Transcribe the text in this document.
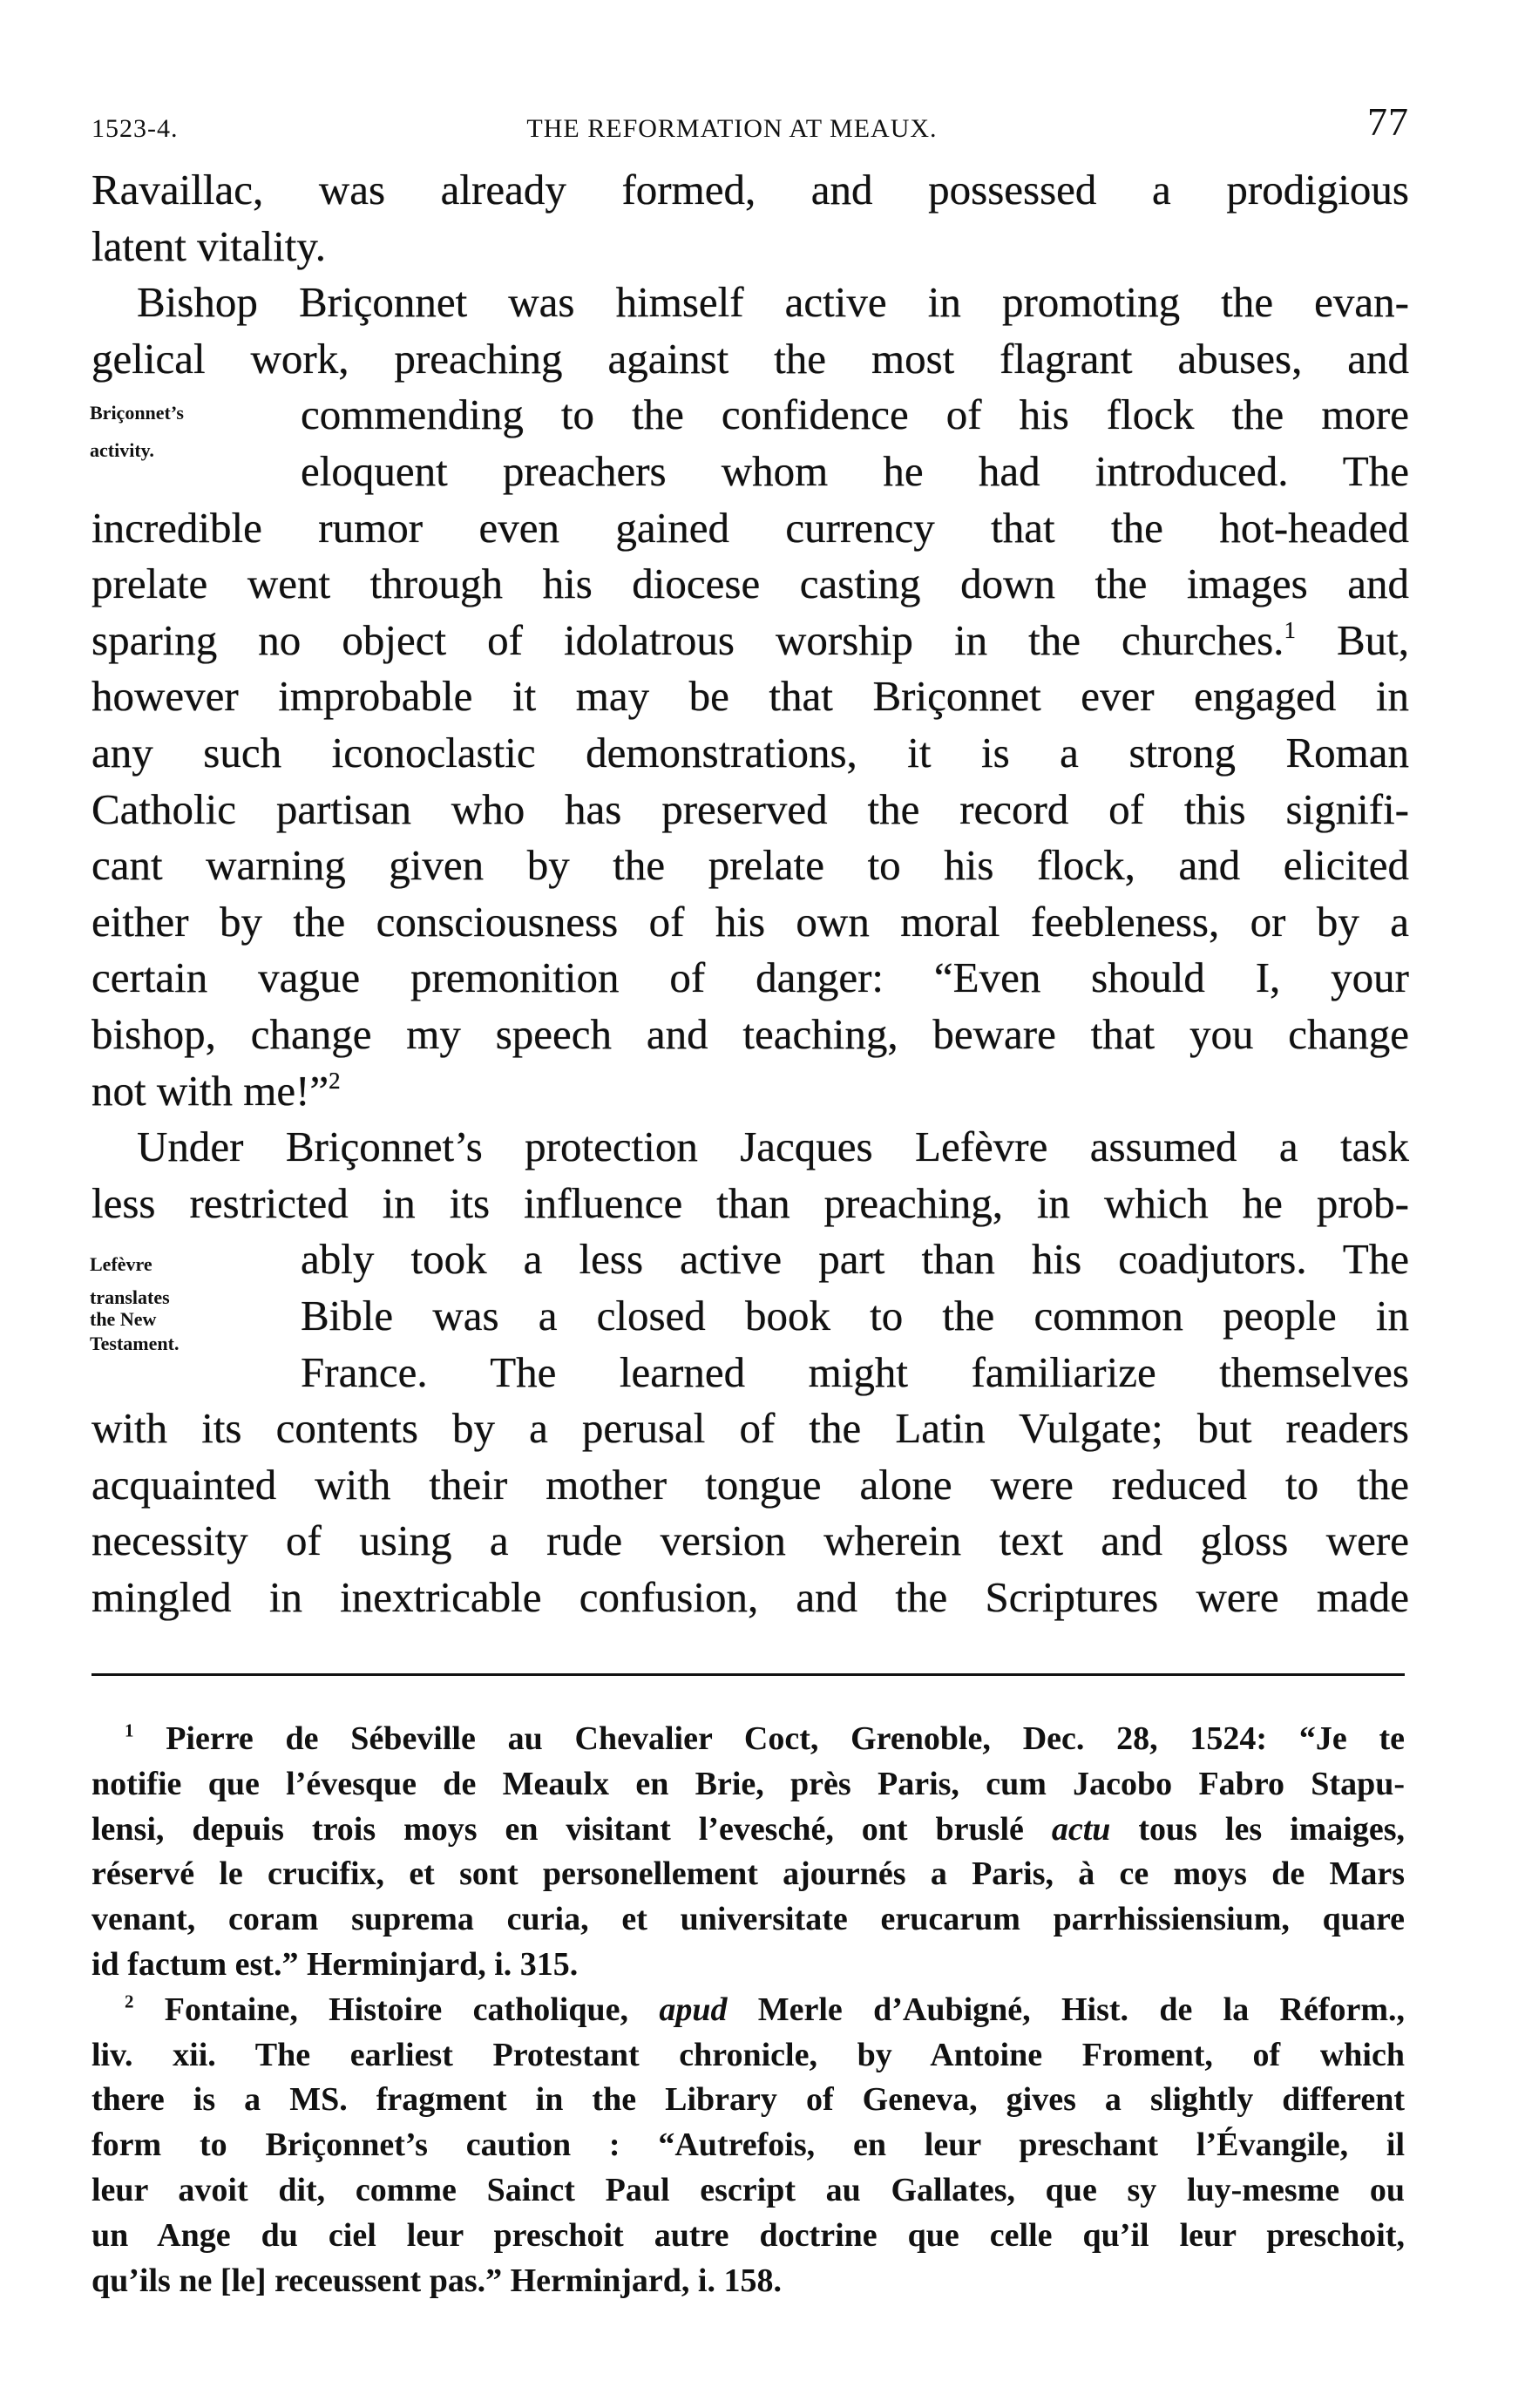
1523-4.	THE REFORMATION AT MEAUX.	77
Ravaillac, was already formed, and possessed a prodigious
latent vitality.
Bishop Briçonnet was himself active in promoting the evan-
gelical work, preaching against the most flagrant abuses, and
commending to the confidence of his flock the more
eloquent preachers whom he had introduced. The
incredible rumor even gained currency that the hot-headed
prelate went through his diocese casting down the images and
sparing no object of idolatrous worship in the churches.$^1$ But,
however improbable it may be that Briçonnet ever engaged in
any such iconoclastic demonstrations, it is a strong Roman
Catholic partisan who has preserved the record of this signifi-
cant warning given by the prelate to his flock, and elicited
either by the consciousness of his own moral feebleness, or by a
certain vague premonition of danger: “Even should I, your
bishop, change my speech and teaching, beware that you change
not with me!”$^2$
Under Briçonnet’s protection Jacques Lefèvre assumed a task
less restricted in its influence than preaching, in which he prob-
ably took a less active part than his coadjutors. The
Bible was a closed book to the common people in
France. The learned might familiarize themselves
with its contents by a perusal of the Latin Vulgate; but readers
acquainted with their mother tongue alone were reduced to the
necessity of using a rude version wherein text and gloss were
mingled in inextricable confusion, and the Scriptures were made
Briçonnet’s
activity.
Lefèvre
translates
the New
Testament.
$^1$ Pierre de Sébeville au Chevalier Coct, Grenoble, Dec. 28, 1524: “Je te
notifie que l’évesque de Meaulx en Brie, près Paris, cum Jacobo Fabro Stapu-
lensi, depuis trois moys en visitant l’evesché, ont bruslé actu tous les imaiges,
réservé le crucifix, et sont personellement ajournés a Paris, à ce moys de Mars
venant, coram suprema curia, et universitate erucarum parrhissiensium, quare
id factum est.” Herminjard, i. 315.
$^2$ Fontaine, Histoire catholique, apud Merle d’Aubigné, Hist. de la Réform.,
liv. xii. The earliest Protestant chronicle, by Antoine Froment, of which
there is a MS. fragment in the Library of Geneva, gives a slightly different
form to Briçonnet’s caution : “Autrefois, en leur preschant l’Évangile, il
leur avoit dit, comme Sainct Paul escript au Gallates, que sy luy-mesme ou
un Ange du ciel leur preschoit autre doctrine que celle qu’il leur preschoit,
qu’ils ne [le] receussent pas.” Herminjard, i. 158.
